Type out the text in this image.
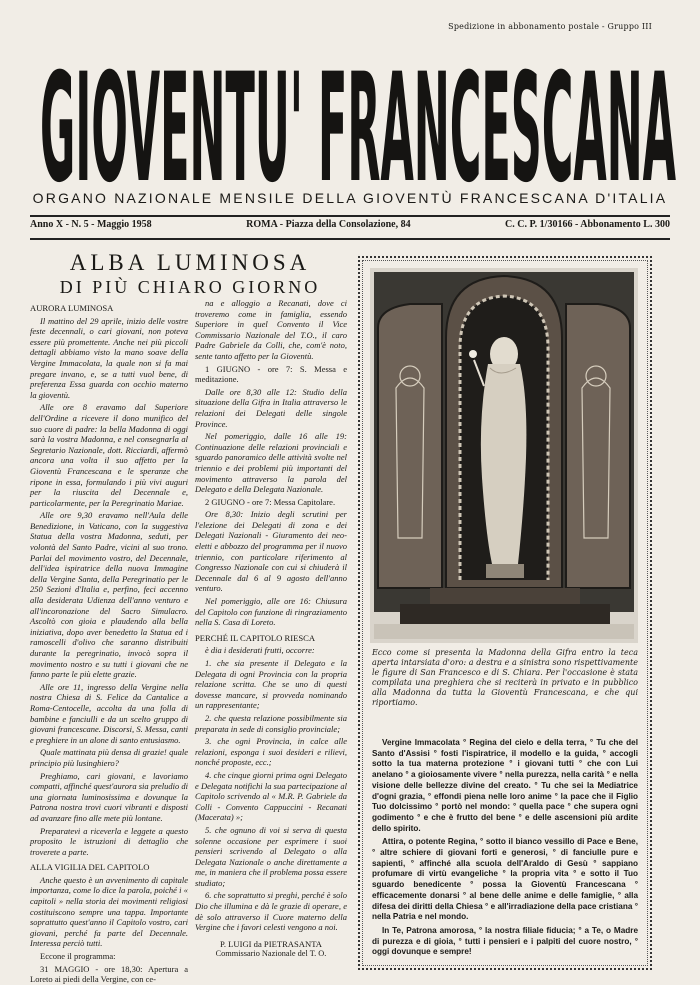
Spedizione in abbonamento postale - Gruppo III
GIOVENTU' FRANCESCANA
ORGANO NAZIONALE MENSILE DELLA GIOVENTÙ FRANCESCANA D'ITALIA
Anno X - N. 5 - Maggio 1958	ROMA - Piazza della Consolazione, 84	C. C. P. 1/30166 - Abbonamento L. 300
ALBA LUMINOSA
DI PIÙ CHIARO GIORNO

AURORA LUMINOSA

Il mattino del 29 aprile, inizio delle vostre feste decennali, o cari giovani, non poteva essere più promettente. Anche nei più piccoli dettagli abbiamo visto la mano soave della Vergine Immacolata, la quale non si fa mai pregare invano, e, se a tutti vuol bene, di preferenza Essa guarda con occhio materno la gioventù.

Alle ore 8 eravamo dal Superiore dell'Ordine a ricevere il dono munifico del suo cuore di padre: la bella Madonna di oggi sarà la vostra Madonna, e nel consegnarla al Segretario Nazionale, dott. Ricciardi, affermò ancora una volta il suo affetto per la Gioventù Francescana e le speranze che ripone in essa, formulando i più vivi auguri per la riuscita del Decennale e, particolarmente, per la Peregrinatio Mariae.

Alle ore 9,30 eravamo nell'Aula delle Benedizione, in Vaticano, con la suggestiva Statua della vostra Madonna, seduti, per volontà del Santo Padre, vicini al suo trono. Parlai del movimento vostro, del Decennale, dell'idea ispiratrice della nuova Immagine della Vergine Santa, della Peregrinatio per le 250 Sezioni d'Italia e, perfino, feci accenno alla desiderata Udienza dell'anno venturo e all'incoronazione del Sacro Simulacro. Ascoltò con gioia e plaudendo alla bella iniziativa, dopo aver benedetto la Statua ed i ramoscelli d'olivo che saranno distribuiti durante la peregrinatio, invocò sopra il movimento nostro e su tutti i giovani che ne fanno parte le più elette grazie.

Alle ore 11, ingresso della Vergine nella nostra Chiesa di S. Felice da Cantalice a Roma-Centocelle, accolta da una folla di bambine e fanciulli e da un scelto gruppo di giovani francescane. Discorsi, S. Messa, canti e preghiere in un alone di santo entusiasmo.

Quale mattinata più densa di grazie! quale principio più lusinghiero?

Preghiamo, cari giovani, e lavoriamo compatti, affinché quest'aurora sia preludio di una giornata luminosissima e dovunque la Patrona nostra trovi cuori vibranti e disposti ad avanzare fino alle mete più lontane.

Preparatevi a riceverla e leggete a questo proposito le istruzioni di dettaglio che troverete a parte.

ALLA VIGILIA DEL CAPITOLO

Anche questo è un avvenimento di capitale importanza, come lo dice la parola, poiché i « capitoli » nella storia dei movimenti religiosi costituiscono sempre una tappa. Importante soprattutto quest'anno il Capitolo vostro, cari giovani, perché fa parte del Decennale. Interessa perciò tutti.

Eccone il programma:

31 MAGGIO - ore 18,30: Apertura a Loreto ai piedi della Vergine, con ce-

na e alloggio a Recanati, dove ci troveremo come in famiglia, essendo Superiore in quel Convento il Vice Commissario Nazionale del T.O., il caro Padre Gabriele da Colli, che, com'è noto, sente tanto affetto per la Gioventù.

1 GIUGNO - ore 7: S. Messa e meditazione.

Dalle ore 8,30 alle 12: Studio della situazione della Gifra in Italia attraverso le relazioni dei Delegati delle singole Province.

Nel pomeriggio, dalle 16 alle 19: Continuazione delle relazioni provinciali e sguardo panoramico delle attività svolte nel triennio e dei problemi più importanti del movimento attraverso la parola del Delegato e della Delegata Nazionale.

2 GIUGNO - ore 7: Messa Capitolare.

Ore 8,30: Inizio degli scrutini per l'elezione dei Delegati di zona e dei Delegati Nazionali - Giuramento dei neo-eletti e abbozzo del programma per il nuovo triennio, con particolare riferimento al Congresso Nazionale con cui si chiuderà il Decennale dal 6 al 9 agosto dell'anno venturo.

Nel pomeriggio, alle ore 16: Chiusura del Capitolo con funzione di ringraziamento nella S. Casa di Loreto.

PERCHÉ IL CAPITOLO RIESCA

è dia i desiderati frutti, occorre:

1. che sia presente il Delegato e la Delegata di ogni Provincia con la propria relazione scritta. Che se uno di questi dovesse mancare, si provveda nominando un rappresentante;

2. che questa relazione possibilmente sia preparata in sede di consiglio provinciale;

3. che ogni Provincia, in calce alle relazioni, esponga i suoi desideri e rilievi, nonché proposte, ecc.;

4. che cinque giorni prima ogni Delegato e Delegata notifichi la sua partecipazione al Capitolo scrivendo al « M.R. P. Gabriele da Colli - Convento Cappuccini - Recanati (Macerata) »;

5. che ognuno di voi si serva di questa solenne occasione per esprimere i suoi pensieri scrivendo al Delegato o alla Delegata Nazionale o anche direttamente a me, in maniera che il problema possa essere studiato;

6. che soprattutto si preghi, perché è solo Dio che illumina e dà le grazie di operare, e dè solo attraverso il Cuore materno della Vergine che i favori celesti vengono a noi.

P. LUIGI da PIETRASANTA
Commissario Nazionale del T. O.
Ecco come si presenta la Madonna della Gifra entro la teca aperta intarsiata d'oro: a destra e a sinistra sono rispettivamente le figure di San Francesco e di S. Chiara. Per l'occasione è stata compilata una preghiera che si reciterà in privato e in pubblico alla Madonna da tutta la Gioventù Francescana, e che qui riportiamo.

Vergine Immacolata ° Regina del cielo e della terra, ° Tu che del Santo d'Assisi ° fosti l'ispiratrice, il modello e la guida, ° accogli sotto la tua materna protezione ° i giovani tutti ° che con Lui anelano ° a gioiosamente vivere ° nella purezza, nella carità ° e nella visione delle bellezze divine del creato. ° Tu che sei la Mediatrice d'ogni grazia, ° effondi piena nelle loro anime ° la pace che il Figlio Tuo dolcissimo ° portò nel mondo: ° quella pace ° che supera ogni godimento ° e che è frutto del bene ° e delle ascensioni più ardite dello spirito.

Attira, o potente Regina, ° sotto il bianco vessillo di Pace e Bene, ° altre schiere di giovani forti e generosi, ° di fanciulle pure e sapienti, ° affinché alla scuola dell'Araldo di Gesù ° sappiano profumare di virtù evangeliche ° la propria vita ° e sotto il Tuo sguardo benedicente ° possa la Gioventù Francescana ° efficacemente donarsi ° al bene delle anime e delle famiglie, ° alla difesa dei diritti della Chiesa ° e all'irradiazione della pace cristiana ° nella Patria e nel mondo.

In Te, Patrona amorosa, ° la nostra filiale fiducia; ° a Te, o Madre di purezza e di gioia, ° tutti i pensieri e i palpiti del cuore nostro, ° oggi dovunque e sempre!
